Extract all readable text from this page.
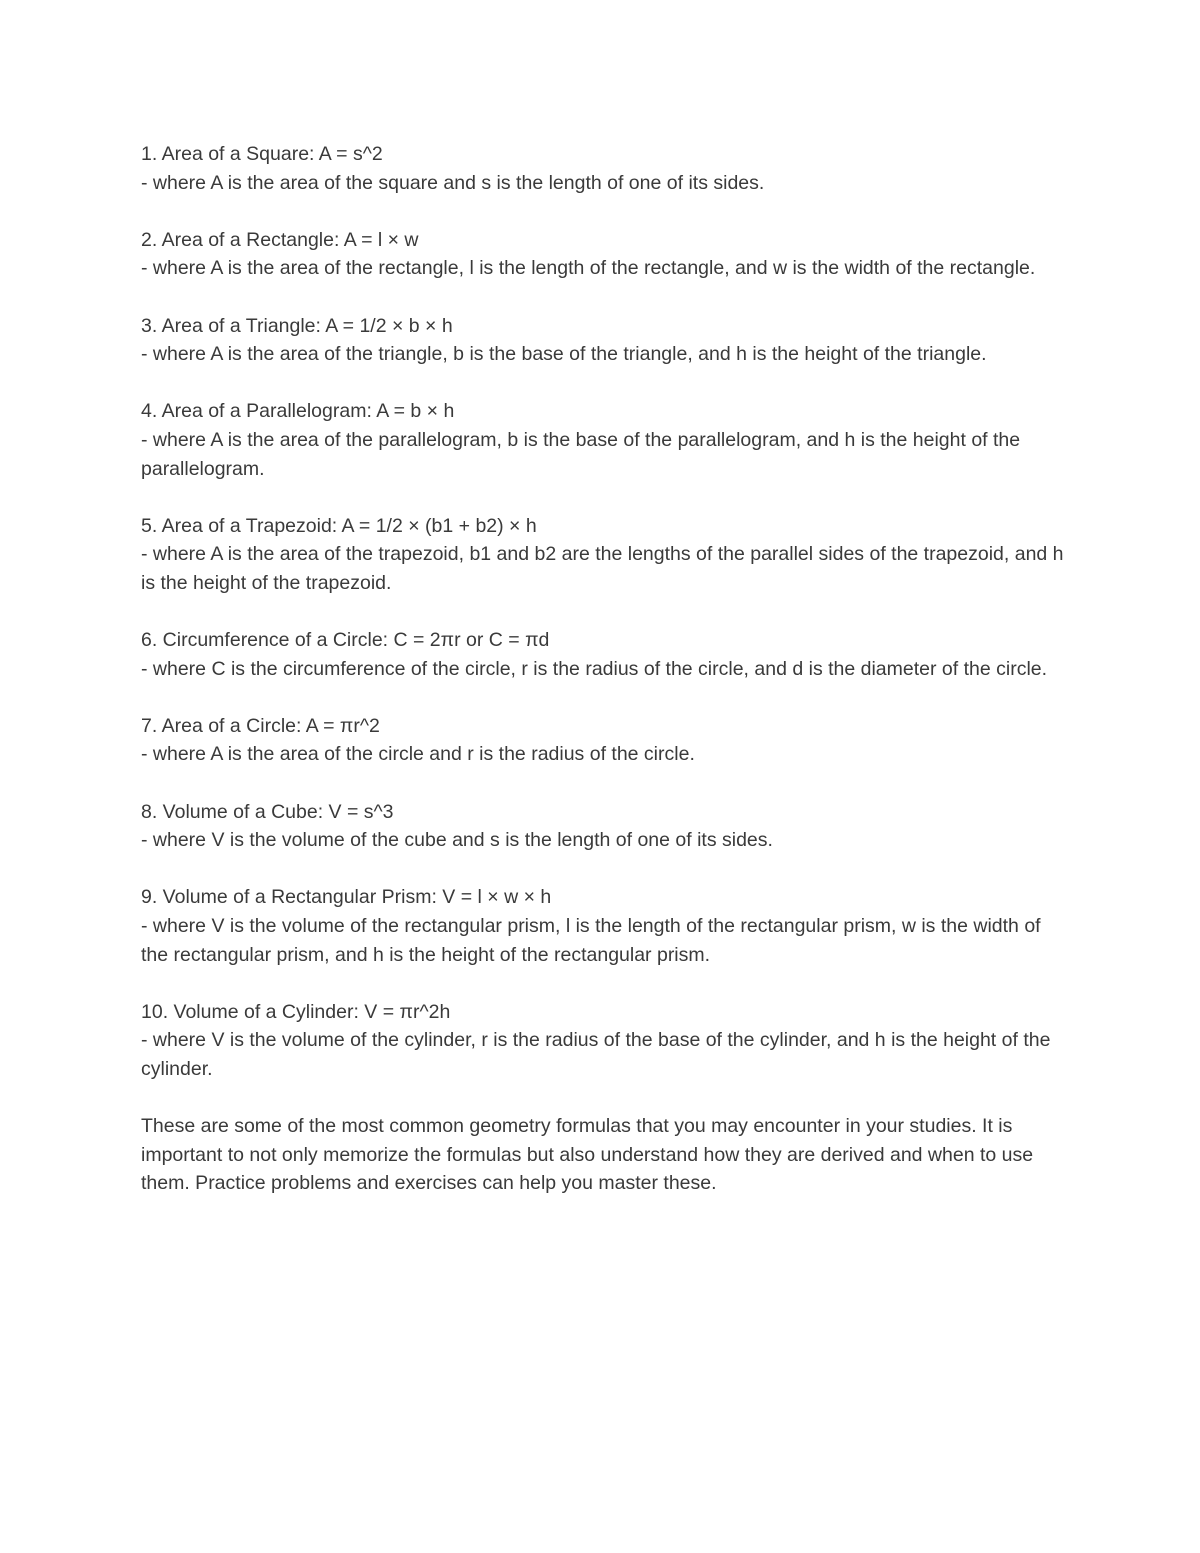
1. Area of a Square: A = s^2
- where A is the area of the square and s is the length of one of its sides.
2. Area of a Rectangle: A = l × w
- where A is the area of the rectangle, l is the length of the rectangle, and w is the width of the rectangle.
3. Area of a Triangle: A = 1/2 × b × h
- where A is the area of the triangle, b is the base of the triangle, and h is the height of the triangle.
4. Area of a Parallelogram: A = b × h
- where A is the area of the parallelogram, b is the base of the parallelogram, and h is the height of the parallelogram.
5. Area of a Trapezoid: A = 1/2 × (b1 + b2) × h
- where A is the area of the trapezoid, b1 and b2 are the lengths of the parallel sides of the trapezoid, and h is the height of the trapezoid.
6. Circumference of a Circle: C = 2πr or C = πd
- where C is the circumference of the circle, r is the radius of the circle, and d is the diameter of the circle.
7. Area of a Circle: A = πr^2
- where A is the area of the circle and r is the radius of the circle.
8. Volume of a Cube: V = s^3
- where V is the volume of the cube and s is the length of one of its sides.
9. Volume of a Rectangular Prism: V = l × w × h
- where V is the volume of the rectangular prism, l is the length of the rectangular prism, w is the width of the rectangular prism, and h is the height of the rectangular prism.
10. Volume of a Cylinder: V = πr^2h
- where V is the volume of the cylinder, r is the radius of the base of the cylinder, and h is the height of the cylinder.

These are some of the most common geometry formulas that you may encounter in your studies. It is important to not only memorize the formulas but also understand how they are derived and when to use them. Practice problems and exercises can help you master these.
